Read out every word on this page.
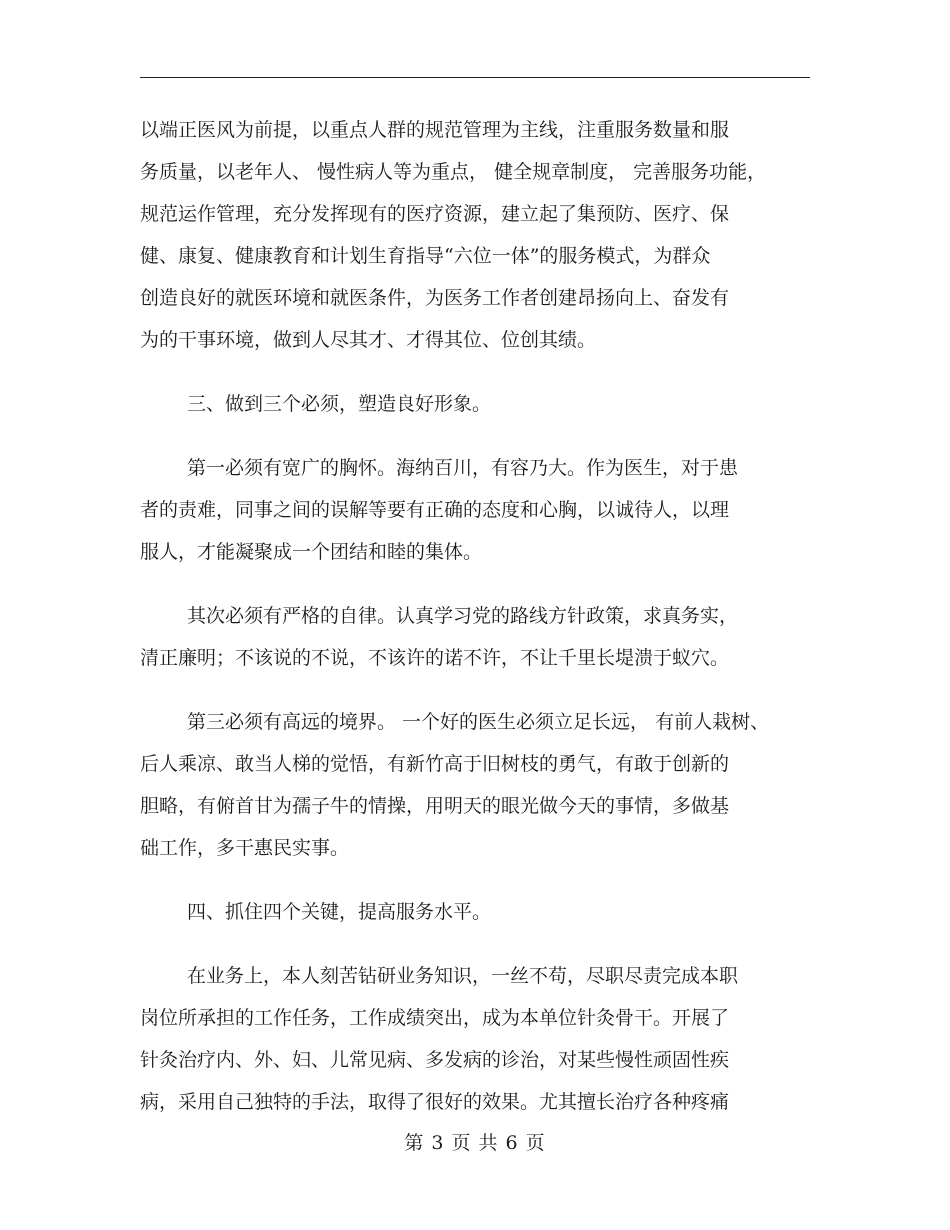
以端正医风为前提，以重点人群的规范管理为主线，注重服务数量和服
务质量，以老年人、 慢性病人等为重点， 健全规章制度， 完善服务功能，
规范运作管理，充分发挥现有的医疗资源，建立起了集预防、医疗、保
健、康复、健康教育和计划生育指导“六位一体”的服务模式，为群众
创造良好的就医环境和就医条件，为医务工作者创建昂扬向上、奋发有
为的干事环境，做到人尽其才、才得其位、位创其绩。
三、做到三个必须，塑造良好形象。
第一必须有宽广的胸怀。海纳百川，有容乃大。作为医生，对于患
者的责难，同事之间的误解等要有正确的态度和心胸，以诚待人，以理
服人，才能凝聚成一个团结和睦的集体。
其次必须有严格的自律。认真学习党的路线方针政策，求真务实，
清正廉明；不该说的不说，不该许的诺不许，不让千里长堤溃于蚁穴。
第三必须有高远的境界。 一个好的医生必须立足长远， 有前人栽树、
后人乘凉、敢当人梯的觉悟，有新竹高于旧树枝的勇气，有敢于创新的
胆略，有俯首甘为孺子牛的情操，用明天的眼光做今天的事情，多做基
础工作，多干惠民实事。
四、抓住四个关键，提高服务水平。
在业务上，本人刻苦钻研业务知识，一丝不苟，尽职尽责完成本职
岗位所承担的工作任务，工作成绩突出，成为本单位针灸骨干。开展了
针灸治疗内、外、妇、儿常见病、多发病的诊治，对某些慢性顽固性疾
病，采用自己独特的手法，取得了很好的效果。尤其擅长治疗各种疼痛
第 3 页 共 6 页
